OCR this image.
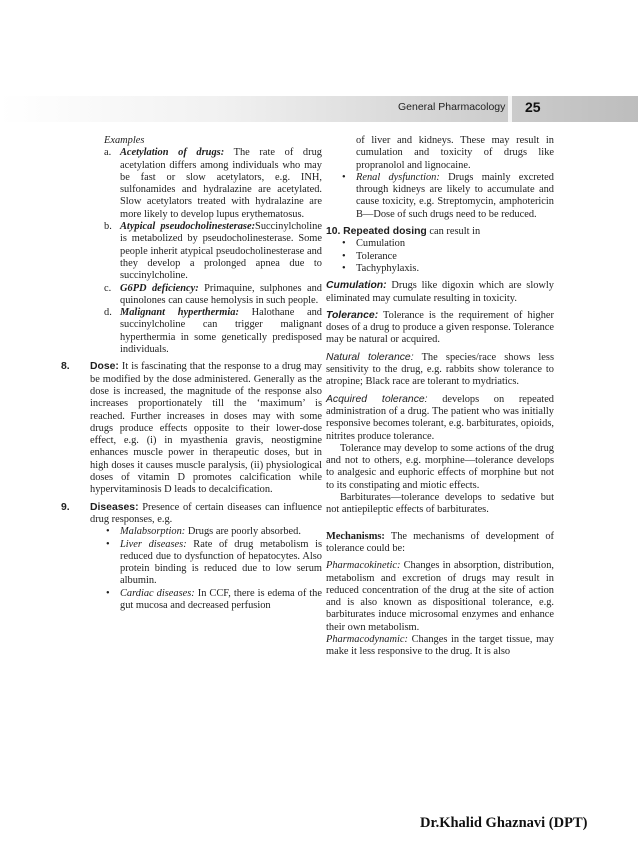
General Pharmacology 25

Examples

a. Acetylation of drugs: The rate of drug acetylation differs among individuals who may be fast or slow acetylators, e.g. INH, sulfonamides and hydralazine are acetylated. Slow acetylators treated with hydralazine are more likely to develop lupus erythematosus.

b. Atypical pseudocholinesterase:Succinylcholine is metabolized by pseudocholinesterase. Some people inherit atypical pseudocholinesterase and they develop a prolonged apnea due to succinylcholine.

c. G6PD deficiency: Primaquine, sulphones and quinolones can cause hemolysis in such people.

d. Malignant hyperthermia: Halothane and succinylcholine can trigger malignant hyperthermia in some genetically predisposed individuals.

8. Dose: It is fascinating that the response to a drug may be modified by the dose administered. Generally as the dose is increased, the magnitude of the response also increases proportionately till the ‘maximum’ is reached. Further increases in doses may with some drugs produce effects opposite to their lower-dose effect, e.g. (i) in myasthenia gravis, neostigmine enhances muscle power in therapeutic doses, but in high doses it causes muscle paralysis, (ii) physiological doses of vitamin D promotes calcification while hypervitaminosis D leads to decalcification.

9. Diseases: Presence of certain diseases can influence drug responses, e.g.

• Malabsorption: Drugs are poorly absorbed.

• Liver diseases: Rate of drug metabolism is reduced due to dysfunction of hepatocytes. Also protein binding is reduced due to low serum albumin.

• Cardiac diseases: In CCF, there is edema of the gut mucosa and decreased perfusion

of liver and kidneys. These may result in cumulation and toxicity of drugs like propranolol and lignocaine.

• Renal dysfunction: Drugs mainly excreted through kidneys are likely to accumulate and cause toxicity, e.g. Streptomycin, amphotericin B—Dose of such drugs need to be reduced.

10. Repeated dosing can result in

• Cumulation

• Tolerance

• Tachyphylaxis.

Cumulation: Drugs like digoxin which are slowly eliminated may cumulate resulting in toxicity.

Tolerance: Tolerance is the requirement of higher doses of a drug to produce a given response. Tolerance may be natural or acquired.

Natural tolerance: The species/race shows less sensitivity to the drug, e.g. rabbits show tolerance to atropine; Black race are tolerant to mydriatics.

Acquired tolerance: develops on repeated administration of a drug. The patient who was initially responsive becomes tolerant, e.g. barbiturates, opioids, nitrites produce tolerance.

Tolerance may develop to some actions of the drug and not to others, e.g. morphine—tolerance develops to analgesic and euphoric effects of morphine but not to its constipating and miotic effects.

Barbiturates—tolerance develops to sedative but not antiepileptic effects of barbiturates.

Mechanisms: The mechanisms of development of tolerance could be:

Pharmacokinetic: Changes in absorption, distribution, metabolism and excretion of drugs may result in reduced concentration of the drug at the site of action and is also known as dispositional tolerance, e.g. barbiturates induce microsomal enzymes and enhance their own metabolism.

Pharmacodynamic: Changes in the target tissue, may make it less responsive to the drug. It is also

Dr.Khalid Ghaznavi (DPT)
